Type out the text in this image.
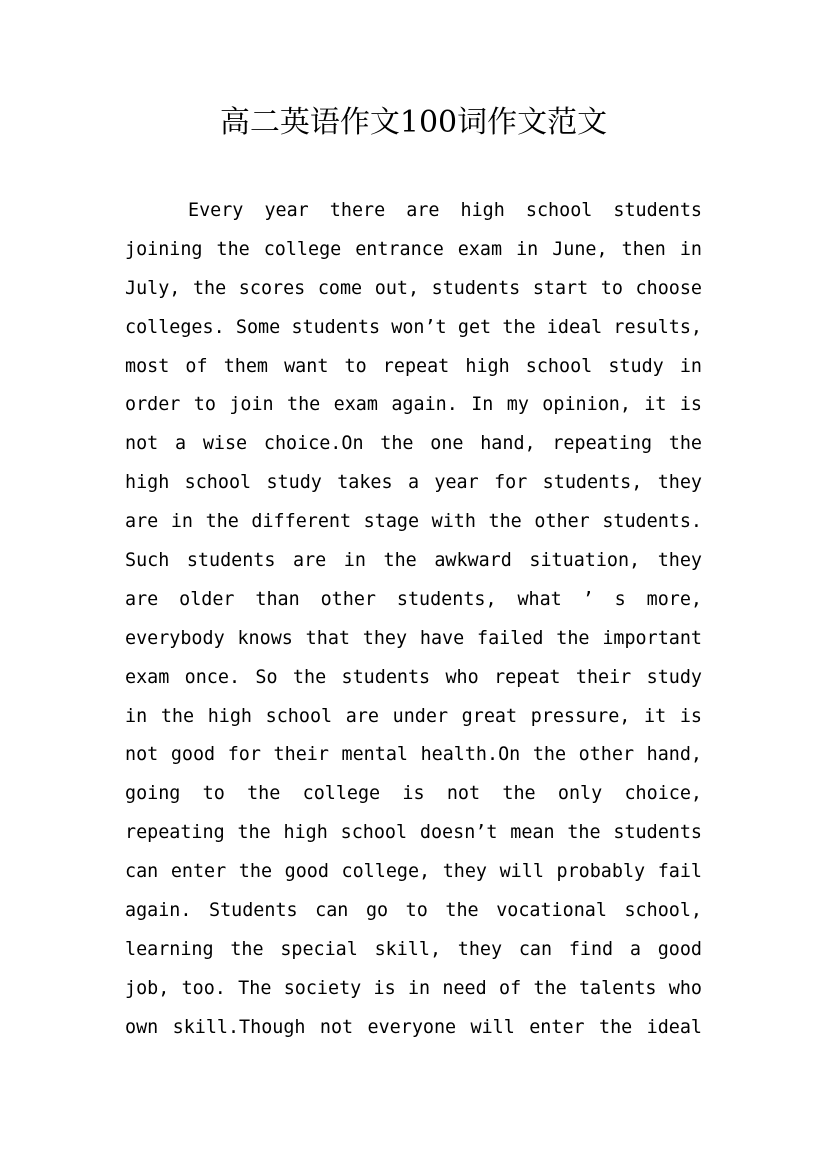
高二英语作文100词作文范文
Every year there are high school students
joining the college entrance exam in June, then in
July, the scores come out, students start to choose
colleges. Some students won’t get the ideal results,
most of them want to repeat high school study in
order to join the exam again. In my opinion, it is
not a wise choice.On the one hand, repeating the
high school study takes a year for students, they
are in the different stage with the other students.
Such students are in the awkward situation, they
are older than other students, what ’ s more,
everybody knows that they have failed the important
exam once. So the students who repeat their study
in the high school are under great pressure, it is
not good for their mental health.On the other hand,
going to the college is not the only choice,
repeating the high school doesn’t mean the students
can enter the good college, they will probably fail
again. Students can go to the vocational school,
learning the special skill, they can find a good
job, too. The society is in need of the talents who
own skill.Though not everyone will enter the ideal
